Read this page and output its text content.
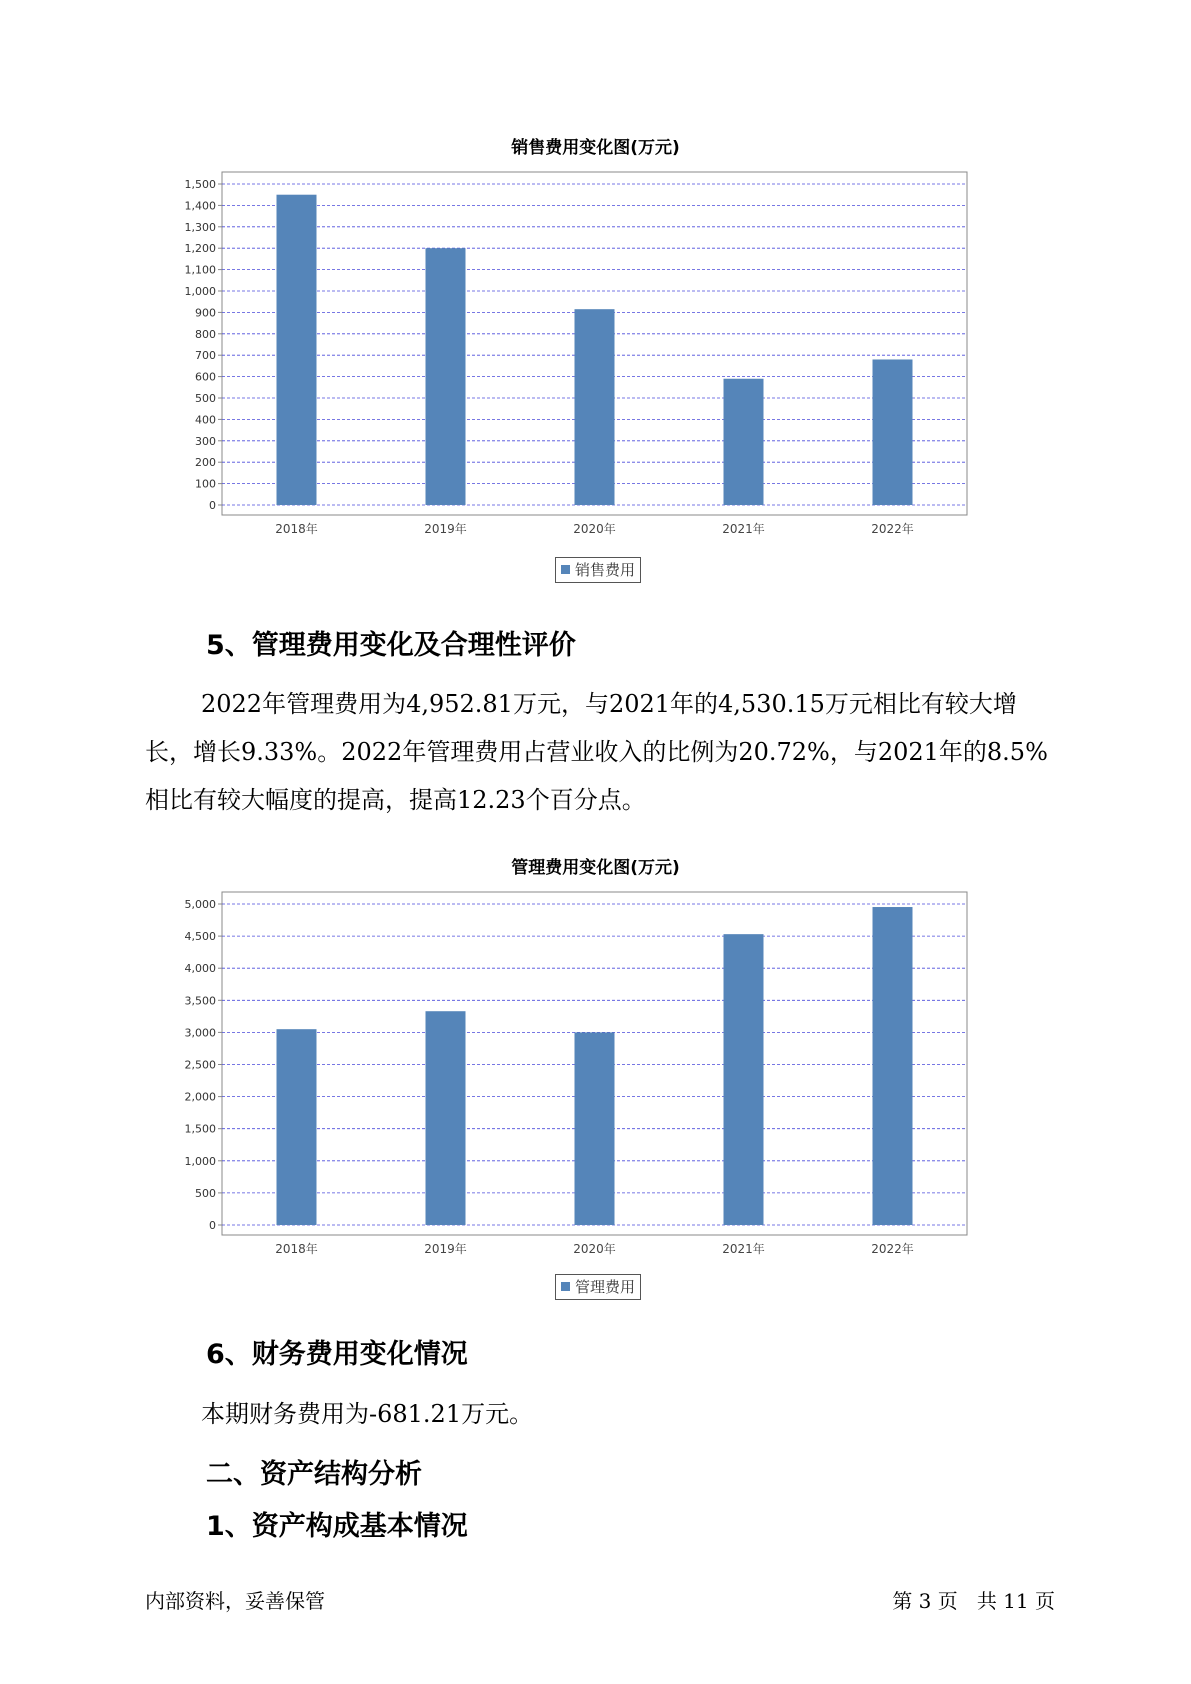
销售费用变化图(万元)
0
100
200
300
400
500
600
700
800
900
1,000
1,100
1,200
1,300
1,400
1,500
2018年	2019年	2020年	2021年	2022年
销售费用
5、管理费用变化及合理性评价

2022年管理费用为4,952.81万元，与2021年的4,530.15万元相比有较大增长，增长9.33%。2022年管理费用占营业收入的比例为20.72%，与2021年的8.5%相比有较大幅度的提高，提高12.23个百分点。

管理费用变化图(万元)
0
500
1,000
1,500
2,000
2,500
3,000
3,500
4,000
4,500
5,000
2018年	2019年	2020年	2021年	2022年
管理费用
6、财务费用变化情况

本期财务费用为-681.21万元。

二、资产结构分析
1、资产构成基本情况
内部资料，妥善保管	第 3 页   共 11 页
